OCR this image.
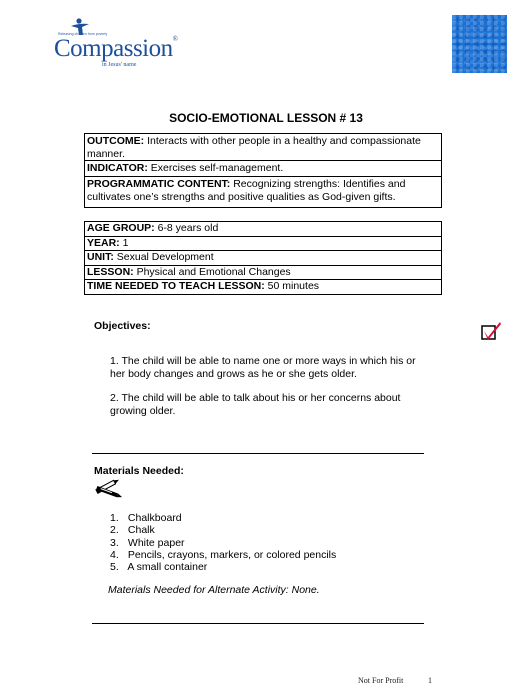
Releasing children from poverty
Compassion®
in Jesus' name
SOCIO-EMOTIONAL LESSON # 13
OUTCOME: Interacts with other people in a healthy and compassionate manner.
INDICATOR: Exercises self-management.
PROGRAMMATIC CONTENT: Recognizing strengths: Identifies and cultivates one’s strengths and positive qualities as God-given gifts.
AGE GROUP: 6-8 years old
YEAR: 1
UNIT: Sexual Development
LESSON: Physical and Emotional Changes
TIME NEEDED TO TEACH LESSON: 50 minutes
Objectives:
1. The child will be able to name one or more ways in which his or her body changes and grows as he or she gets older.
2. The child will be able to talk about his or her concerns about growing older.
Materials Needed:
1. Chalkboard
2. Chalk
3. White paper
4. Pencils, crayons, markers, or colored pencils
5. A small container
Materials Needed for Alternate Activity: None.
Not For Profit	1
